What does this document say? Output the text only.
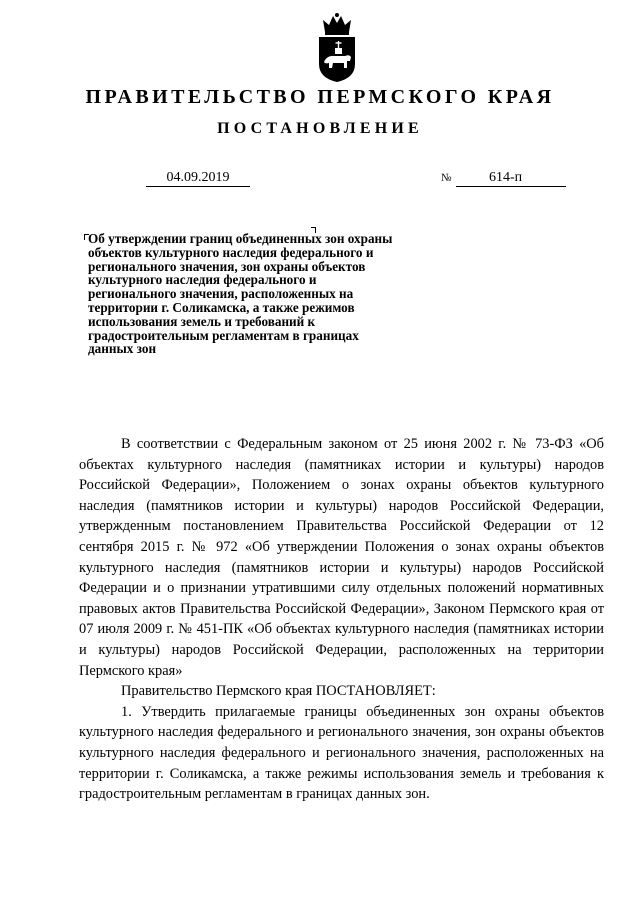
ПРАВИТЕЛЬСТВО ПЕРМСКОГО КРАЯ
ПОСТАНОВЛЕНИЕ
04.09.2019	№	614-п
Об утверждении границ объединенных зон охраны объектов культурного наследия федерального и регионального значения, зон охраны объектов культурного наследия федерального и регионального значения, расположенных на территории г. Соликамска, а также режимов использования земель и требований к градостроительным регламентам в границах данных зон

В соответствии с Федеральным законом от 25 июня 2002 г. № 73-ФЗ «Об объектах культурного наследия (памятниках истории и культуры) народов Российской Федерации», Положением о зонах охраны объектов культурного наследия (памятников истории и культуры) народов Российской Федерации, утвержденным постановлением Правительства Российской Федерации от 12 сентября 2015 г. № 972 «Об утверждении Положения о зонах охраны объектов культурного наследия (памятников истории и культуры) народов Российской Федерации и о признании утратившими силу отдельных положений нормативных правовых актов Правительства Российской Федерации», Законом Пермского края от 07 июля 2009 г. № 451-ПК «Об объектах культурного наследия (памятниках истории и культуры) народов Российской Федерации, расположенных на территории Пермского края»

Правительство Пермского края ПОСТАНОВЛЯЕТ:

1. Утвердить прилагаемые границы объединенных зон охраны объектов культурного наследия федерального и регионального значения, зон охраны объектов культурного наследия федерального и регионального значения, расположенных на территории г. Соликамска, а также режимы использования земель и требования к градостроительным регламентам в границах данных зон.
